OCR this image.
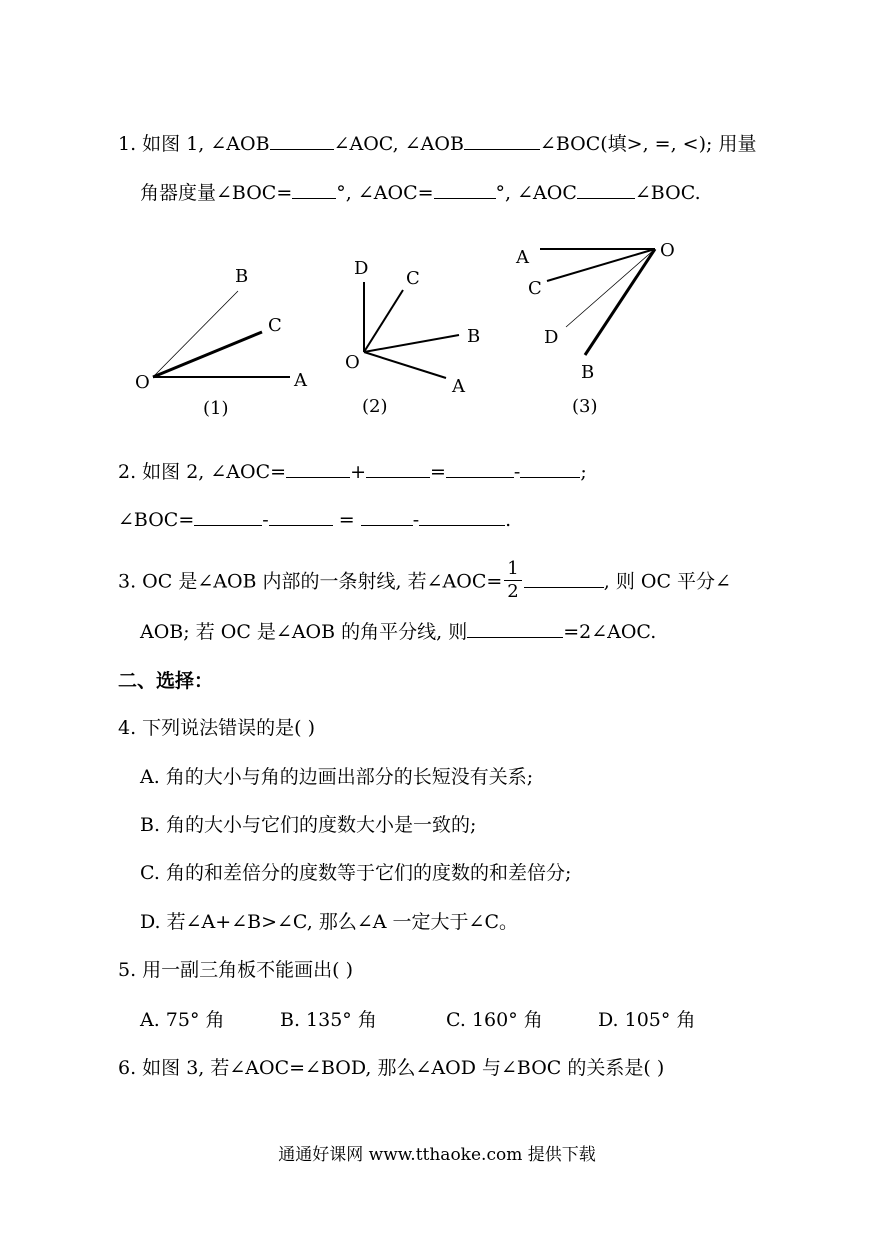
1. 如图 1, ∠AOB	∠AOC, ∠AOB	∠BOC(填>, =, <); 用量
角器度量∠BOC= °, ∠AOC=	°, ∠AOC	∠BOC.
O	A
B
C
(1)
O
A
B
C
D
(2)
O
A
C
D
B
(3)
2. 如图 2, ∠AOC=	+	=	-	;
∠BOC=	-	=	-	.
3. OC 是∠AOB 内部的一条射线, 若∠AOC= $\frac{1}{2}$	, 则 OC 平分∠
AOB; 若 OC 是∠AOB 的角平分线, 则	=2∠AOC.
二、选择：
4. 下列说法错误的是( )
A. 角的大小与角的边画出部分的长短没有关系;
B. 角的大小与它们的度数大小是一致的;
C. 角的和差倍分的度数等于它们的度数的和差倍分;
D. 若∠A+∠B>∠C, 那么∠A 一定大于∠C。
5. 用一副三角板不能画出( )
A. 75° 角	B. 135° 角	C. 160° 角	D. 105° 角
6. 如图 3, 若∠AOC=∠BOD, 那么∠AOD 与∠BOC 的关系是( )
通通好课网 www.tthaoke.com 提供下载
